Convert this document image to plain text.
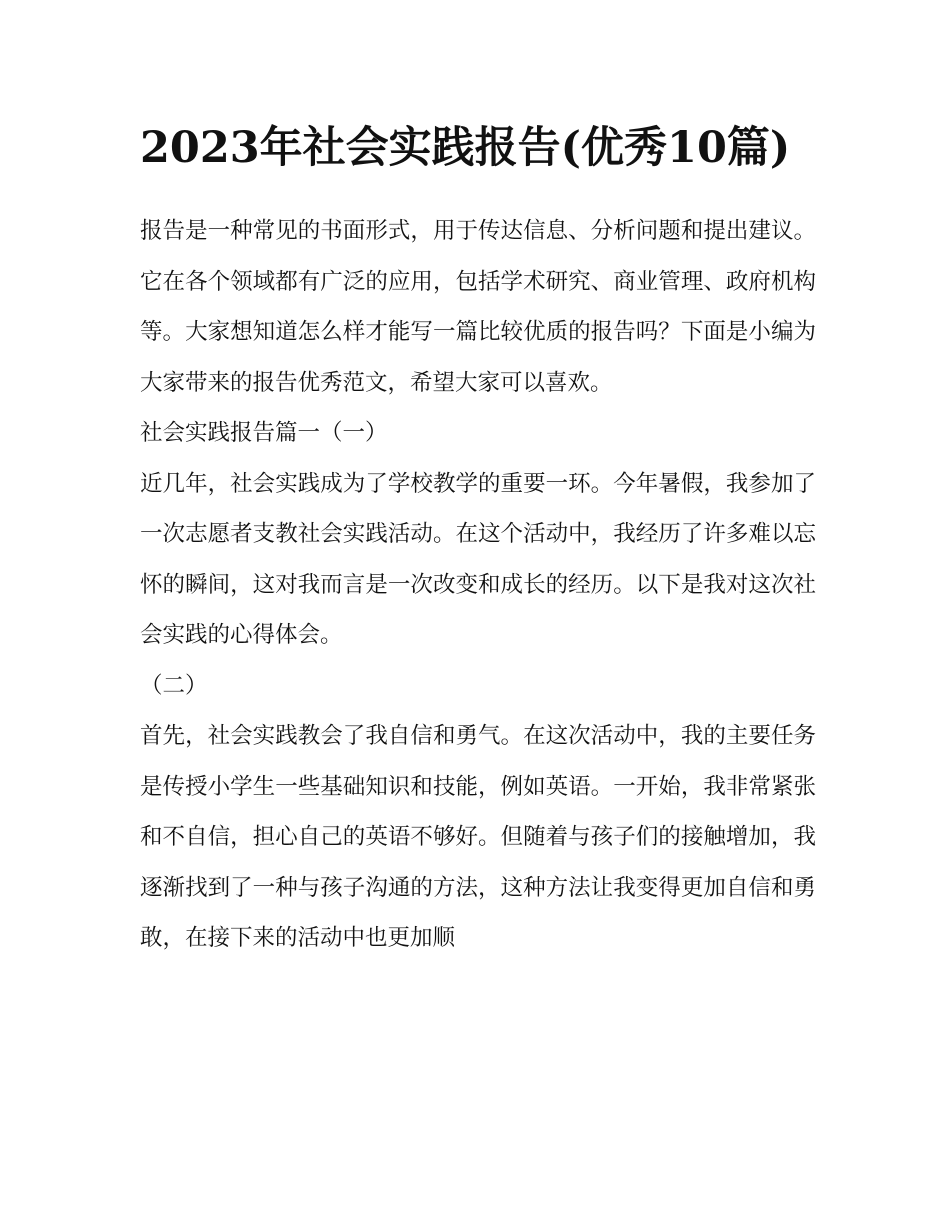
2023年社会实践报告(优秀10篇)

报告是一种常见的书面形式，用于传达信息、分析问题和提出建议。它在各个领域都有广泛的应用，包括学术研究、商业管理、政府机构等。大家想知道怎么样才能写一篇比较优质的报告吗？下面是小编为大家带来的报告优秀范文，希望大家可以喜欢。

社会实践报告篇一（一）

近几年，社会实践成为了学校教学的重要一环。今年暑假，我参加了一次志愿者支教社会实践活动。在这个活动中，我经历了许多难以忘怀的瞬间，这对我而言是一次改变和成长的经历。以下是我对这次社会实践的心得体会。

（二）

首先，社会实践教会了我自信和勇气。在这次活动中，我的主要任务是传授小学生一些基础知识和技能，例如英语。一开始，我非常紧张和不自信，担心自己的英语不够好。但随着与孩子们的接触增加，我逐渐找到了一种与孩子沟通的方法，这种方法让我变得更加自信和勇敢，在接下来的活动中也更加顺
